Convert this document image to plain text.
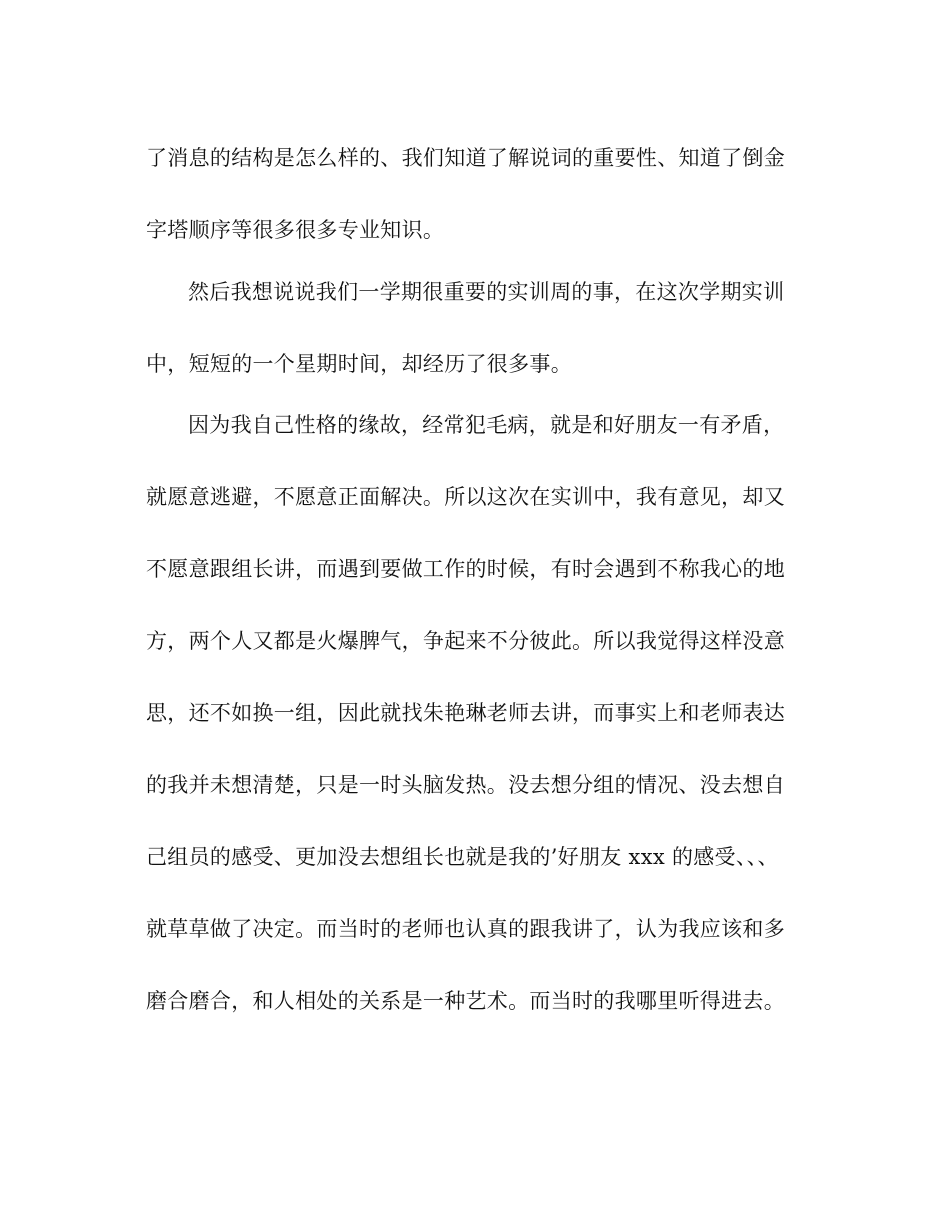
了消息的结构是怎么样的、我们知道了解说词的重要性、知道了倒金
字塔顺序等很多很多专业知识。
然后我想说说我们一学期很重要的实训周的事，在这次学期实训
中，短短的一个星期时间，却经历了很多事。
因为我自己性格的缘故，经常犯毛病，就是和好朋友一有矛盾，
就愿意逃避，不愿意正面解决。所以这次在实训中，我有意见，却又
不愿意跟组长讲，而遇到要做工作的时候，有时会遇到不称我心的地
方，两个人又都是火爆脾气，争起来不分彼此。所以我觉得这样没意
思，还不如换一组，因此就找朱艳琳老师去讲，而事实上和老师表达
的我并未想清楚，只是一时头脑发热。没去想分组的情况、没去想自
己组员的感受、更加没去想组长也就是我的’好朋友 xxx 的感受、、、
就草草做了决定。而当时的老师也认真的跟我讲了，认为我应该和多
磨合磨合，和人相处的关系是一种艺术。而当时的我哪里听得进去。
